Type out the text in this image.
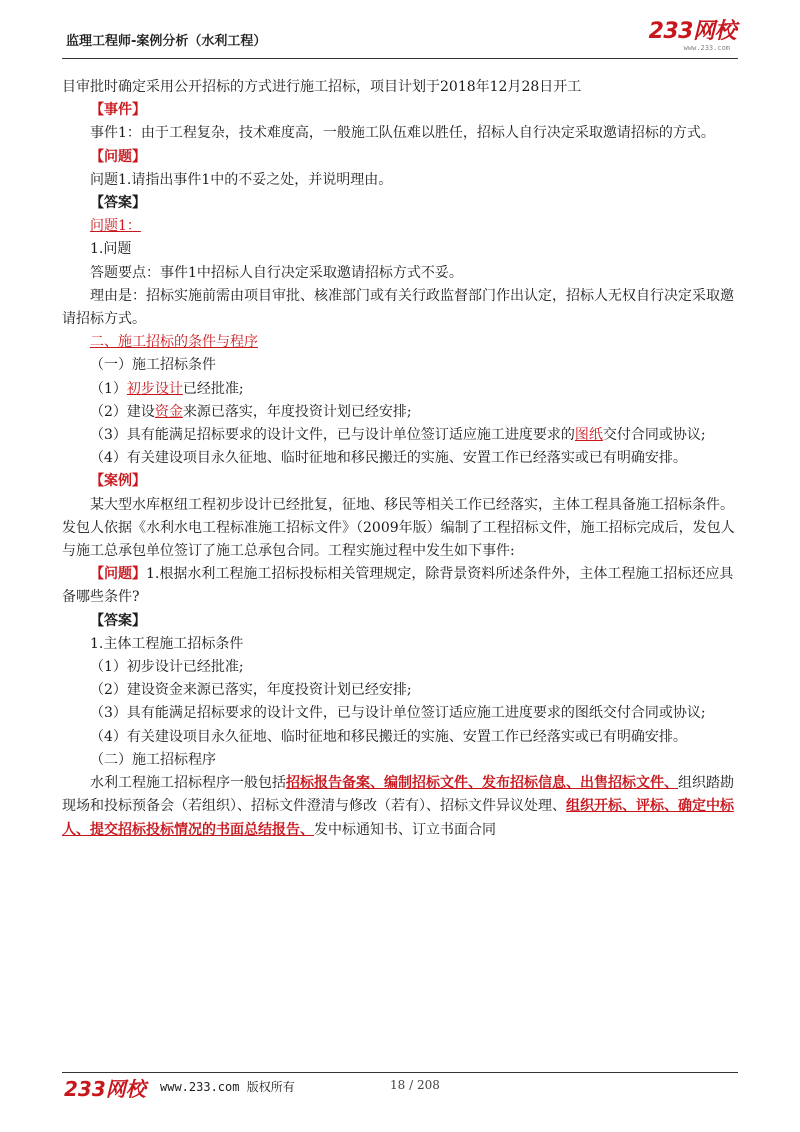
监理工程师-案例分析（水利工程）	233网校
www.233.com

目审批时确定采用公开招标的方式进行施工招标，项目计划于2018年12月28日开工

【事件】

事件1：由于工程复杂，技术难度高，一般施工队伍难以胜任，招标人自行决定采取邀请招标的方式。

【问题】

问题1.请指出事件1中的不妥之处，并说明理由。

【答案】

问题1：

1.问题

答题要点：事件1中招标人自行决定采取邀请招标方式不妥。

理由是：招标实施前需由项目审批、核准部门或有关行政监督部门作出认定，招标人无权自行决定采取邀请招标方式。

二、施工招标的条件与程序

（一）施工招标条件

（1）初步设计已经批准;

（2）建设资金来源已落实，年度投资计划已经安排;

（3）具有能满足招标要求的设计文件，已与设计单位签订适应施工进度要求的图纸交付合同或协议;

（4）有关建设项目永久征地、临时征地和移民搬迁的实施、安置工作已经落实或已有明确安排。

【案例】

某大型水库枢纽工程初步设计已经批复，征地、移民等相关工作已经落实，主体工程具备施工招标条件。发包人依据《水利水电工程标准施工招标文件》（2009年版）编制了工程招标文件，施工招标完成后，发包人与施工总承包单位签订了施工总承包合同。工程实施过程中发生如下事件:

【问题】1.根据水利工程施工招标投标相关管理规定，除背景资料所述条件外，主体工程施工招标还应具备哪些条件?

【答案】

1.主体工程施工招标条件

（1）初步设计已经批准;

（2）建设资金来源已落实，年度投资计划已经安排;

（3）具有能满足招标要求的设计文件，已与设计单位签订适应施工进度要求的图纸交付合同或协议;

（4）有关建设项目永久征地、临时征地和移民搬迁的实施、安置工作已经落实或已有明确安排。

（二）施工招标程序

水利工程施工招标程序一般包括招标报告备案、编制招标文件、发布招标信息、出售招标文件、组织踏勘现场和投标预备会（若组织）、招标文件澄清与修改（若有）、招标文件异议处理、组织开标、评标、确定中标人、提交招标投标情况的书面总结报告、发中标通知书、订立书面合同

233网校 www.233.com 版权所有	18 / 208
